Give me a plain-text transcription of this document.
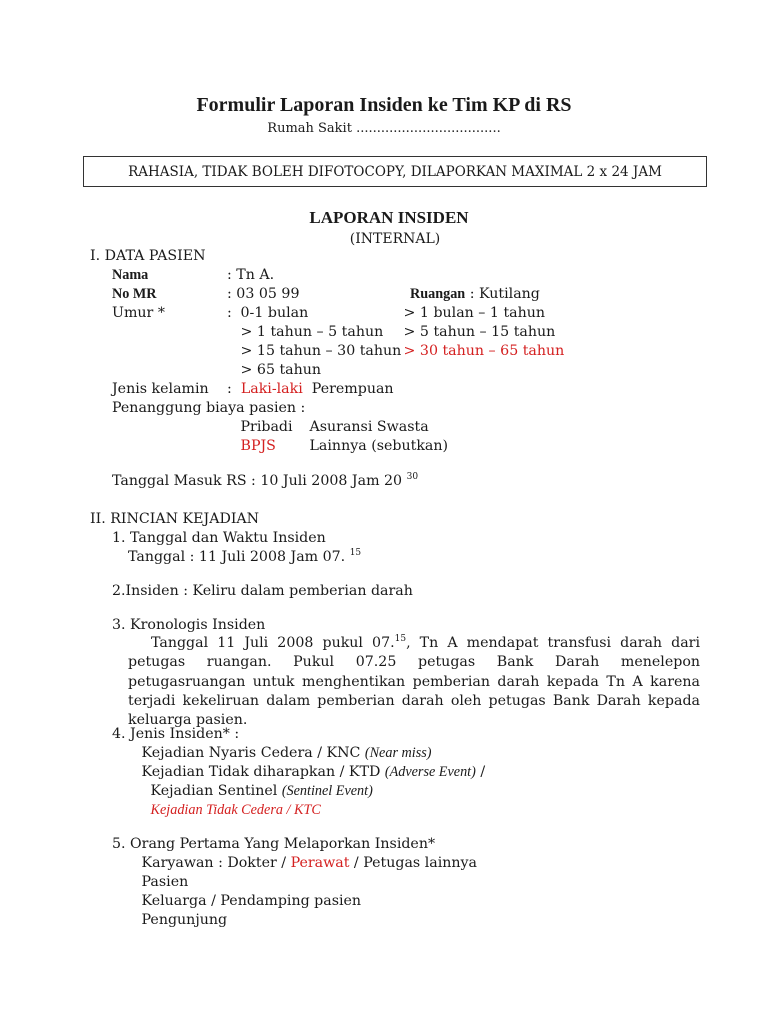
Formulir Laporan Insiden ke Tim KP di RS
Rumah Sakit ...................................
RAHASIA, TIDAK BOLEH DIFOTOCOPY, DILAPORKAN MAXIMAL 2 x 24 JAM
LAPORAN INSIDEN
(INTERNAL)
I. DATA PASIEN
Nama	: Tn A.
No MR	: 03 05 99	Ruangan : Kutilang
Umur *	: 0-1 bulan	> 1 bulan – 1 tahun
> 1 tahun – 5 tahun	> 5 tahun – 15 tahun
> 15 tahun – 30 tahun > 30 tahun – 65 tahun
> 65 tahun
Jenis kelamin : Laki-laki Perempuan
Penanggung biaya pasien :
Pribadi	Asuransi Swasta
BPJS	Lainnya (sebutkan)
Tanggal Masuk RS : 10 Juli 2008 Jam 20 $^{30}$
II. RINCIAN KEJADIAN
1. Tanggal dan Waktu Insiden
Tanggal : 11 Juli 2008 Jam 07. $^{15}$
2.Insiden : Keliru dalam pemberian darah
3. Kronologis Insiden
Tanggal 11 Juli 2008 pukul 07.15, Tn A mendapat transfusi darah dari petugas ruangan. Pukul 07.25 petugas Bank Darah menelepon petugasruangan untuk menghentikan pemberian darah kepada Tn A karena terjadi kekeliruan dalam pemberian darah oleh petugas Bank Darah kepada keluarga pasien.
4. Jenis Insiden* :
Kejadian Nyaris Cedera / KNC (Near miss)
Kejadian Tidak diharapkan / KTD (Adverse Event) /
Kejadian Sentinel (Sentinel Event)
Kejadian Tidak Cedera / KTC
5. Orang Pertama Yang Melaporkan Insiden*
Karyawan : Dokter / Perawat / Petugas lainnya
Pasien
Keluarga / Pendamping pasien
Pengunjung
